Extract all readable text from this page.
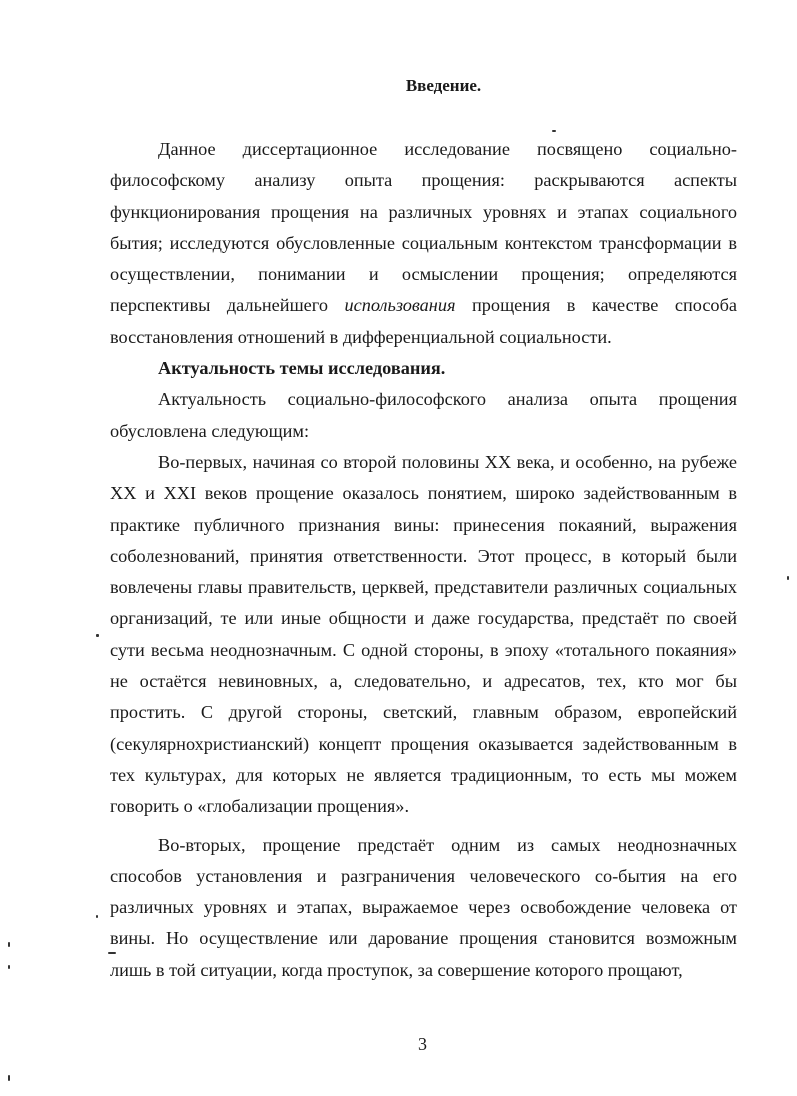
Введение.

Данное диссертационное исследование посвящено социально-философскому анализу опыта прощения: раскрываются аспекты функционирования прощения на различных уровнях и этапах социального бытия; исследуются обусловленные социальным контекстом трансформации в осуществлении, понимании и осмыслении прощения; определяются перспективы дальнейшего использования прощения в качестве способа восстановления отношений в дифференциальной социальности.

Актуальность темы исследования.

Актуальность социально-философского анализа опыта прощения обусловлена следующим:

Во-первых, начиная со второй половины XX века, и особенно, на рубеже XX и XXI веков прощение оказалось понятием, широко задействованным в практике публичного признания вины: принесения покаяний, выражения соболезнований, принятия ответственности. Этот процесс, в который были вовлечены главы правительств, церквей, представители различных социальных организаций, те или иные общности и даже государства, предстаёт по своей сути весьма неоднозначным. С одной стороны, в эпоху «тотального покаяния» не остаётся невиновных, а, следовательно, и адресатов, тех, кто мог бы простить. С другой стороны, светский, главным образом, европейский (секулярнохристианский) концепт прощения оказывается задействованным в тех культурах, для которых не является традиционным, то есть мы можем говорить о «глобализации прощения».

Во-вторых, прощение предстаёт одним из самых неоднозначных способов установления и разграничения человеческого со-бытия на его различных уровнях и этапах, выражаемое через освобождение человека от вины. Но осуществление или дарование прощения становится возможным лишь в той ситуации, когда проступок, за совершение которого прощают,

3
